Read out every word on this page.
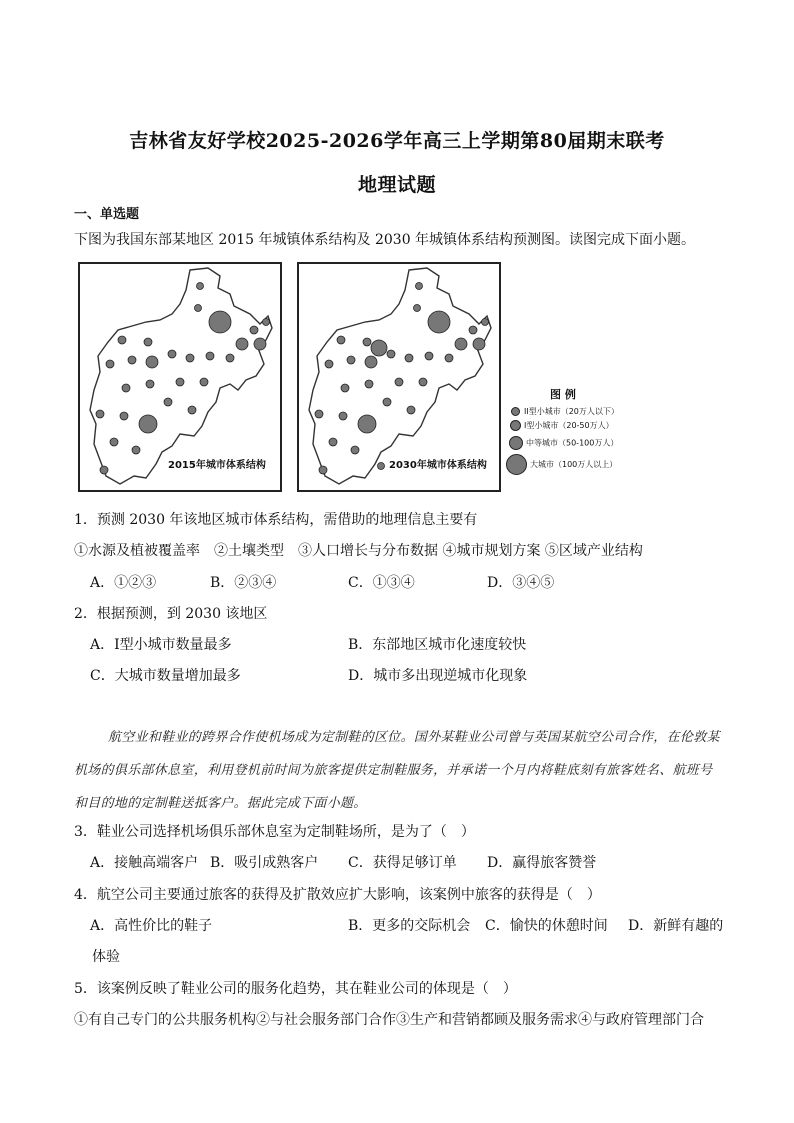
吉林省友好学校2025-2026学年高三上学期第80届期末联考
地理试题
一、单选题
下图为我国东部某地区 2015 年城镇体系结构及 2030 年城镇体系结构预测图。读图完成下面小题。
2015年城市体系结构	2030年城市体系结构
图 例
II型小城市（20万人以下）
I型小城市（20-50万人）
中等城市（50-100万人）
大城市（100万人以上）
1．预测 2030 年该地区城市体系结构，需借助的地理信息主要有
①水源及植被覆盖率　②土壤类型　③人口增长与分布数据 ④城市规划方案 ⑤区域产业结构
A．①②③	B．②③④	C．①③④	D．③④⑤
2．根据预测，到 2030 该地区
A．Ⅰ型小城市数量最多	B．东部地区城市化速度较快
C．大城市数量增加最多	D．城市多出现逆城市化现象
航空业和鞋业的跨界合作使机场成为定制鞋的区位。国外某鞋业公司曾与英国某航空公司合作，在伦敦某机场的俱乐部休息室，利用登机前时间为旅客提供定制鞋服务，并承诺一个月内将鞋底刻有旅客姓名、航班号和目的地的定制鞋送抵客户。据此完成下面小题。
3．鞋业公司选择机场俱乐部休息室为定制鞋场所，是为了（　）
A．接触高端客户 B．吸引成熟客户 C．获得足够订单 D．赢得旅客赞誉
4．航空公司主要通过旅客的获得及扩散效应扩大影响，该案例中旅客的获得是（　）
A．高性价比的鞋子	B．更多的交际机会 C．愉快的休憩时间 D．新鲜有趣的
体验
5．该案例反映了鞋业公司的服务化趋势，其在鞋业公司的体现是（　）
①有自己专门的公共服务机构②与社会服务部门合作③生产和营销都顾及服务需求④与政府管理部门合
